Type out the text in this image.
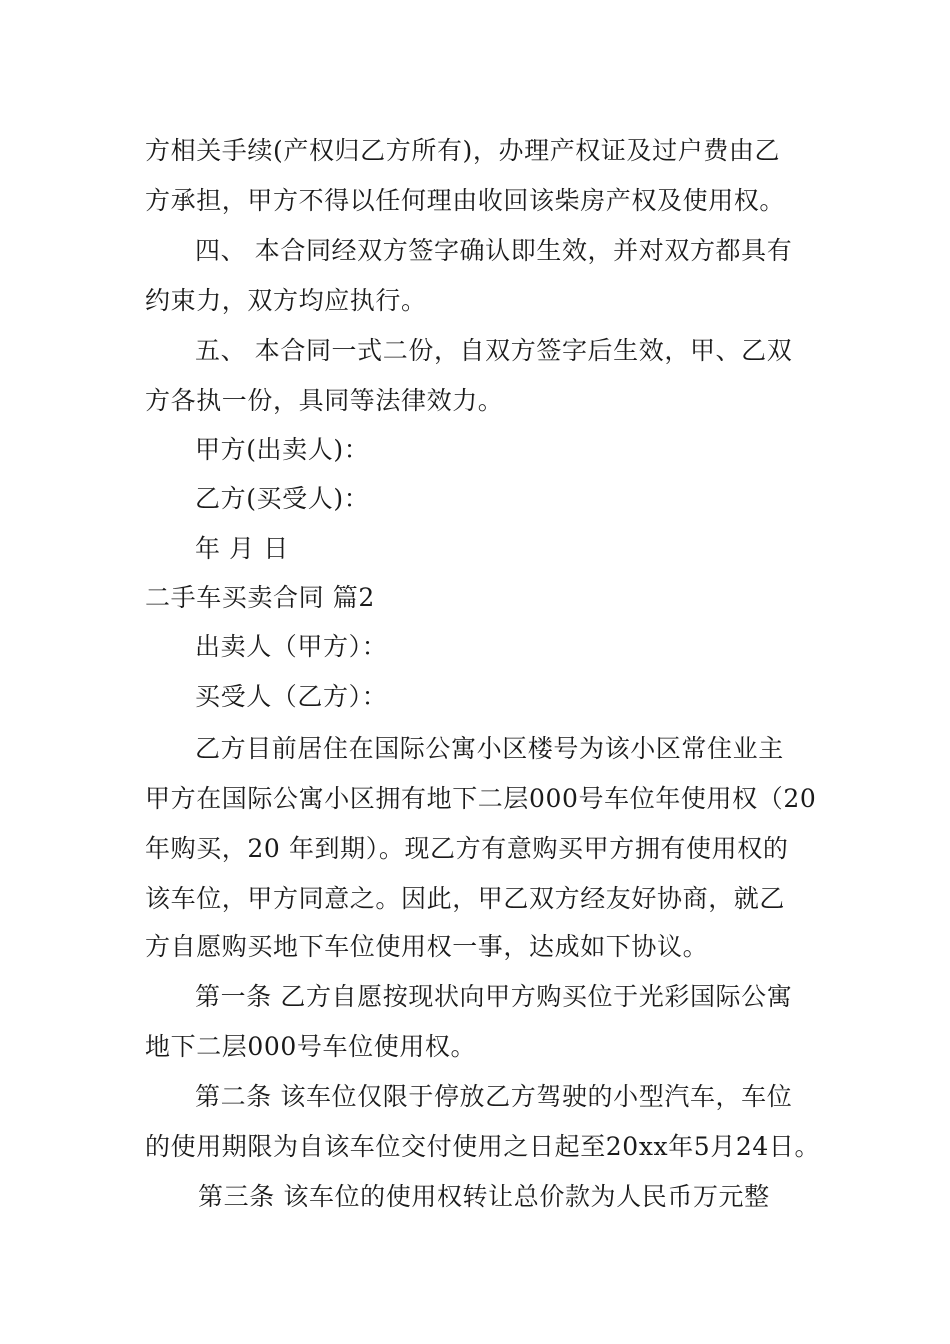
方相关手续(产权归乙方所有)，办理产权证及过户费由乙
方承担，甲方不得以任何理由收回该柴房产权及使用权。
四、 本合同经双方签字确认即生效，并对双方都具有
约束力，双方均应执行。
五、 本合同一式二份，自双方签字后生效，甲、乙双
方各执一份，具同等法律效力。
甲方(出卖人)：
乙方(买受人)：
年 月 日
二手车买卖合同 篇2
出卖人（甲方）：
买受人（乙方）：
乙方目前居住在国际公寓小区楼号为该小区常住业主
甲方在国际公寓小区拥有地下二层000号车位年使用权（20
年购买，20 年到期）。现乙方有意购买甲方拥有使用权的
该车位，甲方同意之。因此，甲乙双方经友好协商，就乙
方自愿购买地下车位使用权一事，达成如下协议。
第一条 乙方自愿按现状向甲方购买位于光彩国际公寓
地下二层000号车位使用权。
第二条 该车位仅限于停放乙方驾驶的小型汽车，车位
的使用期限为自该车位交付使用之日起至20xx年5月24日。
第三条 该车位的使用权转让总价款为人民币万元整
